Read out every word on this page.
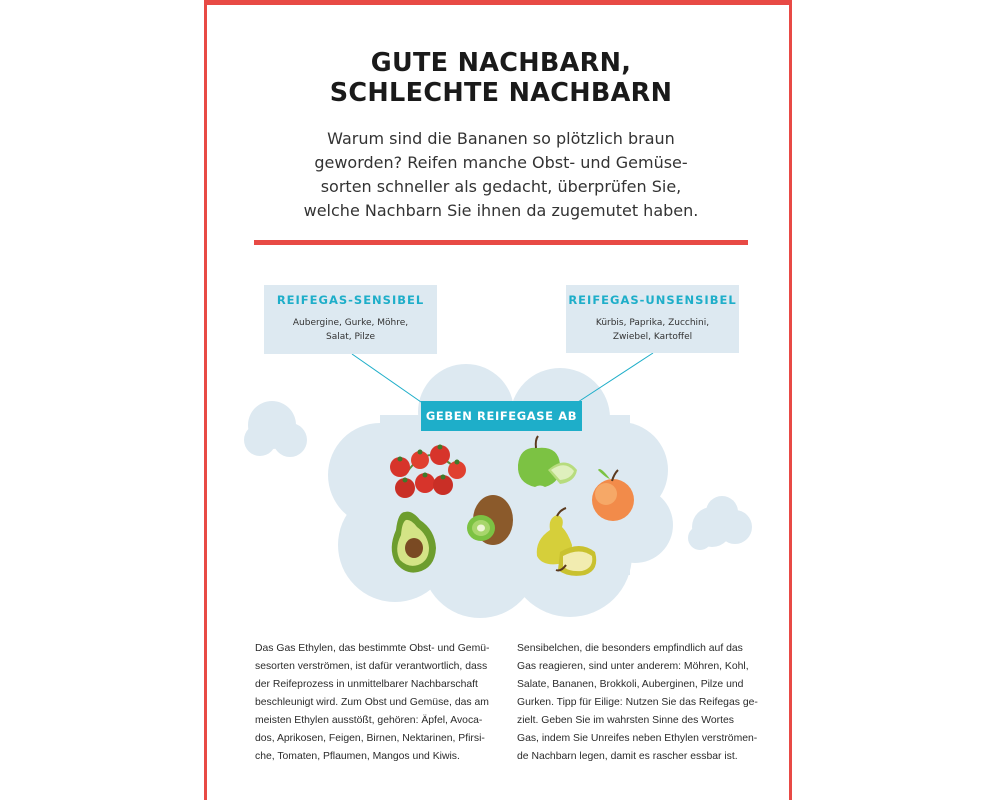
GUTE NACHBARN,
SCHLECHTE NACHBARN
Warum sind die Bananen so plötzlich braun
geworden? Reifen manche Obst- und Gemüse-
sorten schneller als gedacht, überprüfen Sie,
welche Nachbarn Sie ihnen da zugemutet haben.
REIFEGAS-SENSIBEL
Aubergine, Gurke, Möhre,
Salat, Pilze
REIFEGAS-UNSENSIBEL
Kürbis, Paprika, Zucchini,
Zwiebel, Kartoffel
GEBEN REIFEGASE AB
Das Gas Ethylen, das bestimmte Obst- und Gemü-
sesorten verströmen, ist dafür verantwortlich, dass
der Reifeprozess in unmittelbarer Nachbarschaft
beschleunigt wird. Zum Obst und Gemüse, das am
meisten Ethylen ausstößt, gehören: Äpfel, Avoca-
dos, Aprikosen, Feigen, Birnen, Nektarinen, Pfirsi-
che, Tomaten, Pflaumen, Mangos und Kiwis.
Sensibelchen, die besonders empfindlich auf das
Gas reagieren, sind unter anderem: Möhren, Kohl,
Salate, Bananen, Brokkoli, Auberginen, Pilze und
Gurken. Tipp für Eilige: Nutzen Sie das Reifegas ge-
zielt. Geben Sie im wahrsten Sinne des Wortes
Gas, indem Sie Unreifes neben Ethylen verströmen-
de Nachbarn legen, damit es rascher essbar ist.
